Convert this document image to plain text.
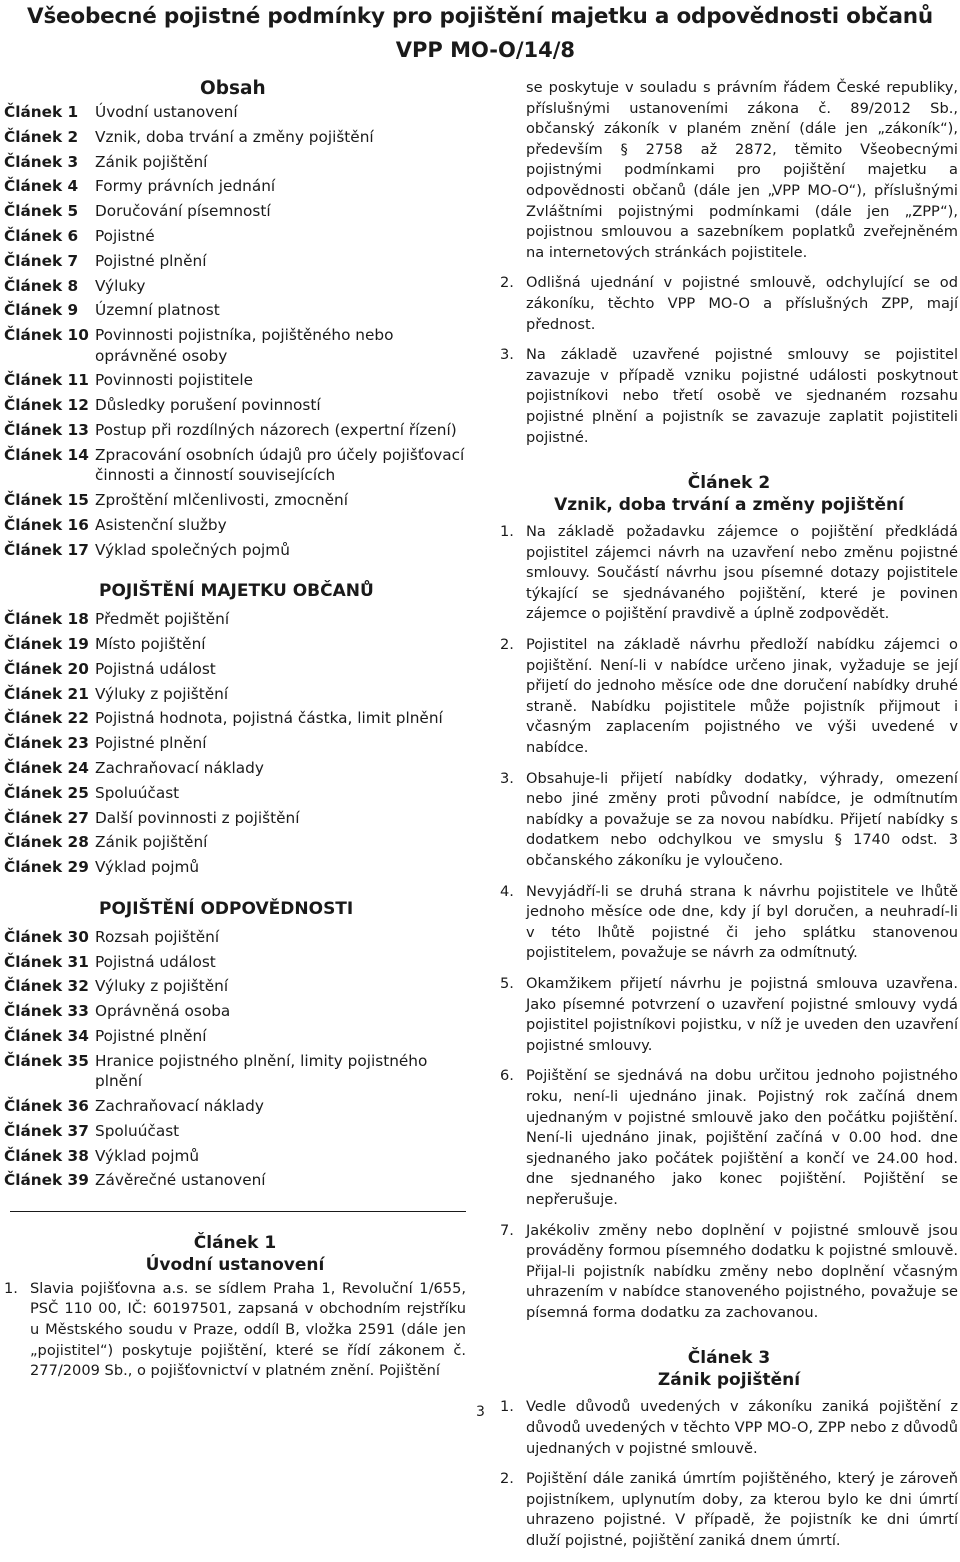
Všeobecné pojistné podmínky pro pojištění majetku a odpovědnosti občanů
VPP MO-O/14/8
Obsah
Článek 1	Úvodní ustanovení
Článek 2	Vznik, doba trvání a změny pojištění
Článek 3	Zánik pojištění
Článek 4	Formy právních jednání
Článek 5	Doručování písemností
Článek 6	Pojistné
Článek 7	Pojistné plnění
Článek 8	Výluky
Článek 9	Územní platnost
Článek 10 Povinnosti pojistníka, pojištěného nebo oprávněné osoby
Článek 11 Povinnosti pojistitele
Článek 12 Důsledky porušení povinností
Článek 13 Postup při rozdílných názorech (expertní řízení)
Článek 14 Zpracování osobních údajů pro účely pojišťovací činnosti a činností souvisejících
Článek 15 Zproštění mlčenlivosti, zmocnění
Článek 16 Asistenční služby
Článek 17 Výklad společných pojmů
POJIŠTĚNÍ MAJETKU OBČANŮ
Článek 18 Předmět pojištění
Článek 19 Místo pojištění
Článek 20 Pojistná událost
Článek 21 Výluky z pojištění
Článek 22 Pojistná hodnota, pojistná částka, limit plnění
Článek 23 Pojistné plnění
Článek 24 Zachraňovací náklady
Článek 25 Spoluúčast
Článek 27 Další povinnosti z pojištění
Článek 28 Zánik pojištění
Článek 29 Výklad pojmů
POJIŠTĚNÍ ODPOVĚDNOSTI
Článek 30 Rozsah pojištění
Článek 31 Pojistná událost
Článek 32 Výluky z pojištění
Článek 33 Oprávněná osoba
Článek 34 Pojistné plnění
Článek 35 Hranice pojistného plnění, limity pojistného plnění
Článek 36 Zachraňovací náklady
Článek 37 Spoluúčast
Článek 38 Výklad pojmů
Článek 39 Závěrečné ustanovení
Článek 1
Úvodní ustanovení
1. Slavia pojišťovna a.s. se sídlem Praha 1, Revoluční 1/655, PSČ 110 00, IČ: 60197501, zapsaná v obchodním rejstříku u Městského soudu v Praze, oddíl B, vložka 2591 (dále jen „pojistitel“) poskytuje pojištění, které se řídí zákonem č. 277/2009 Sb., o pojišťovnictví v platném znění. Pojištění
se poskytuje v souladu s právním řádem České republiky, příslušnými ustanoveními zákona č. 89/2012 Sb., občanský zákoník v planém znění (dále jen „zákoník“), především § 2758 až 2872, těmito Všeobecnými pojistnými podmínkami pro pojištění majetku a odpovědnosti občanů (dále jen „VPP MO-O“), příslušnými Zvláštními pojistnými podmínkami (dále jen „ZPP“), pojistnou smlouvou a sazebníkem poplatků zveřejněném na internetových stránkách pojistitele.
2. Odlišná ujednání v pojistné smlouvě, odchylující se od zákoníku, těchto VPP MO-O a příslušných ZPP, mají přednost.
3. Na základě uzavřené pojistné smlouvy se pojistitel zavazuje v případě vzniku pojistné události poskytnout pojistníkovi nebo třetí osobě ve sjednaném rozsahu pojistné plnění a pojistník se zavazuje zaplatit pojistiteli pojistné.
Článek 2
Vznik, doba trvání a změny pojištění
1. Na základě požadavku zájemce o pojištění předkládá pojistitel zájemci návrh na uzavření nebo změnu pojistné smlouvy. Součástí návrhu jsou písemné dotazy pojistitele týkající se sjednávaného pojištění, které je povinen zájemce o pojištění pravdivě a úplně zodpovědět.
2. Pojistitel na základě návrhu předloží nabídku zájemci o pojištění. Není-li v nabídce určeno jinak, vyžaduje se její přijetí do jednoho měsíce ode dne doručení nabídky druhé straně. Nabídku pojistitele může pojistník přijmout i včasným zaplacením pojistného ve výši uvedené v nabídce.
3. Obsahuje-li přijetí nabídky dodatky, výhrady, omezení nebo jiné změny proti původní nabídce, je odmítnutím nabídky a považuje se za novou nabídku. Přijetí nabídky s dodatkem nebo odchylkou ve smyslu § 1740 odst. 3 občanského zákoníku je vyloučeno.
4. Nevyjádří-li se druhá strana k návrhu pojistitele ve lhůtě jednoho měsíce ode dne, kdy jí byl doručen, a neuhradí-li v této lhůtě pojistné či jeho splátku stanovenou pojistitelem, považuje se návrh za odmítnutý.
5. Okamžikem přijetí návrhu je pojistná smlouva uzavřena. Jako písemné potvrzení o uzavření pojistné smlouvy vydá pojistitel pojistníkovi pojistku, v níž je uveden den uzavření pojistné smlouvy.
6. Pojištění se sjednává na dobu určitou jednoho pojistného roku, není-li ujednáno jinak. Pojistný rok začíná dnem ujednaným v pojistné smlouvě jako den počátku pojištění. Není-li ujednáno jinak, pojištění začíná v 0.00 hod. dne sjednaného jako počátek pojištění a končí ve 24.00 hod. dne sjednaného jako konec pojištění. Pojištění se nepřerušuje.
7. Jakékoliv změny nebo doplnění v pojistné smlouvě jsou prováděny formou písemného dodatku k pojistné smlouvě. Přijal-li pojistník nabídku změny nebo doplnění včasným uhrazením v nabídce stanoveného pojistného, považuje se písemná forma dodatku za zachovanou.
Článek 3
Zánik pojištění
1. Vedle důvodů uvedených v zákoníku zaniká pojištění z důvodů uvedených v těchto VPP MO-O, ZPP nebo z důvodů ujednaných v pojistné smlouvě.
2. Pojištění dále zaniká úmrtím pojištěného, který je zároveň pojistníkem, uplynutím doby, za kterou bylo ke dni úmrtí uhrazeno pojistné. V případě, že pojistník ke dni úmrtí dluží pojistné, pojištění zaniká dnem úmrtí.
3
